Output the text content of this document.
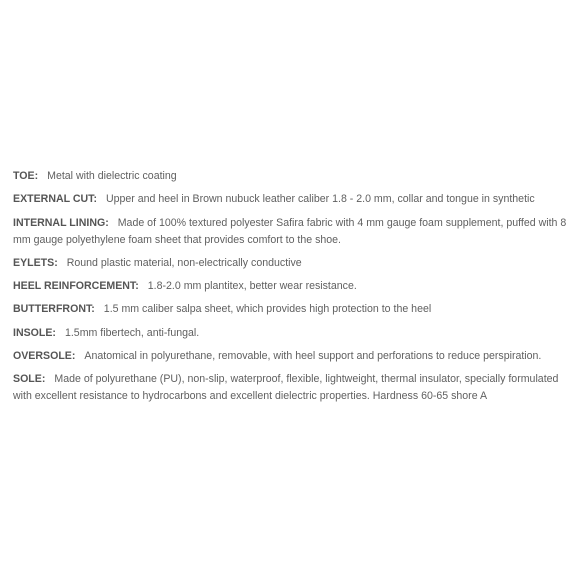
TOE: Metal with dielectric coating
EXTERNAL CUT: Upper and heel in Brown nubuck leather caliber 1.8 - 2.0 mm, collar and tongue in synthetic
INTERNAL LINING: Made of 100% textured polyester Safira fabric with 4 mm gauge foam supplement, puffed with 8 mm gauge polyethylene foam sheet that provides comfort to the shoe.
EYLETS: Round plastic material, non-electrically conductive
HEEL REINFORCEMENT: 1.8-2.0 mm plantitex, better wear resistance.
BUTTERFRONT: 1.5 mm caliber salpa sheet, which provides high protection to the heel
INSOLE: 1.5mm fibertech, anti-fungal.
OVERSOLE: Anatomical in polyurethane, removable, with heel support and perforations to reduce perspiration.
SOLE: Made of polyurethane (PU), non-slip, waterproof, flexible, lightweight, thermal insulator, specially formulated with excellent resistance to hydrocarbons and excellent dielectric properties. Hardness 60-65 shore A
